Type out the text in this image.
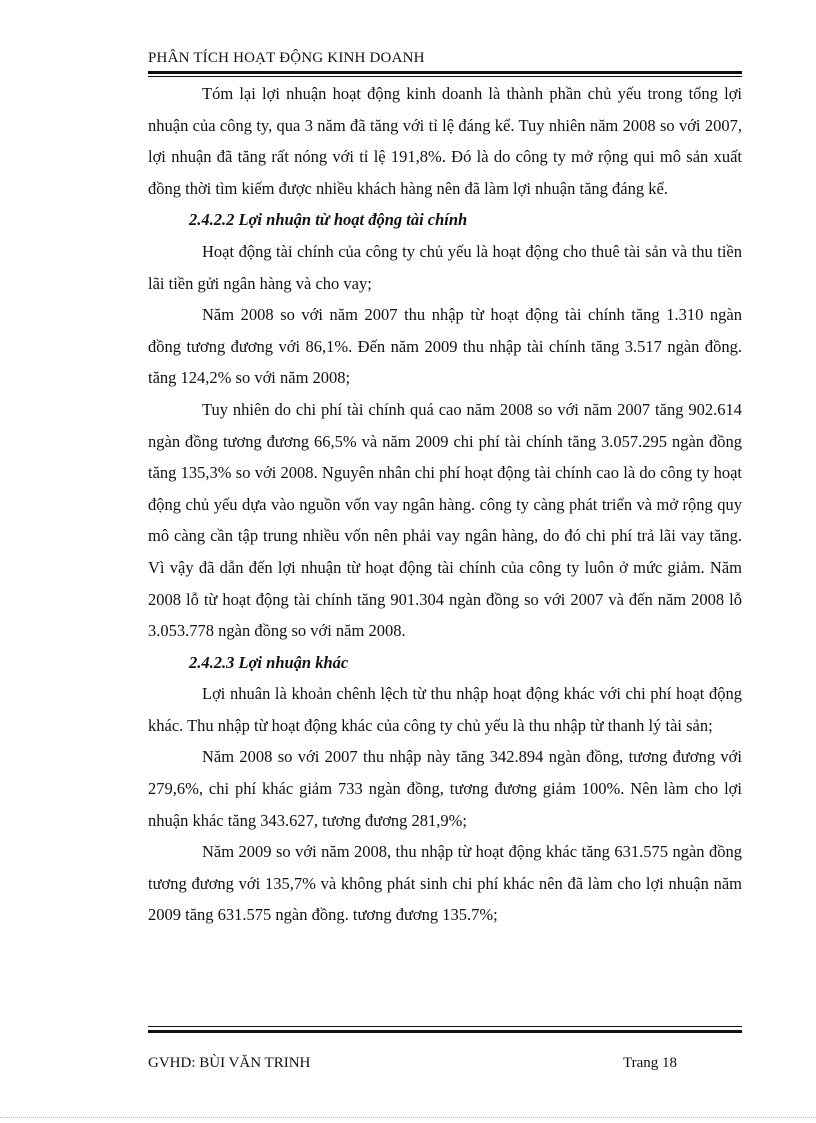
PHÂN TÍCH HOẠT ĐỘNG KINH DOANH

Tóm lại lợi nhuận hoạt động kinh doanh là thành phần chủ yếu trong tổng lợi nhuận của công ty, qua 3 năm đã tăng với tỉ lệ đáng kể. Tuy nhiên năm 2008 so với 2007, lợi nhuận đã tăng rất nóng với tỉ lệ 191,8%. Đó là do công ty mở rộng qui mô sản xuất đồng thời tìm kiếm được nhiều khách hàng nên đã làm lợi nhuận tăng đáng kể.

2.4.2.2 Lợi nhuận từ hoạt động tài chính

Hoạt động tài chính của công ty chủ yếu là hoạt động cho thuê tài sản và thu tiền lãi tiền gửi ngân hàng và cho vay;

Năm 2008 so với năm 2007 thu nhập từ hoạt động tài chính tăng 1.310 ngàn đồng tương đương với 86,1%. Đến năm 2009 thu nhập tài chính tăng 3.517 ngàn đồng. tăng 124,2% so với năm 2008;

Tuy nhiên do chi phí tài chính quá cao năm 2008 so với năm 2007 tăng 902.614 ngàn đồng tương đương 66,5% và năm 2009 chi phí tài chính tăng 3.057.295 ngàn đồng tăng 135,3% so với 2008. Nguyên nhân chi phí hoạt động tài chính cao là do công ty hoạt động chủ yếu dựa vào nguồn vốn vay ngân hàng. công ty càng phát triển và mở rộng quy mô càng cần tập trung nhiều vốn nên phải vay ngân hàng, do đó chi phí trả lãi vay tăng. Vì vậy đã dẫn đến lợi nhuận từ hoạt động tài chính của công ty luôn ở mức giảm. Năm 2008 lỗ từ hoạt động tài chính tăng 901.304 ngàn đồng so với 2007 và đến năm 2008 lỗ 3.053.778 ngàn đồng so với năm 2008.

2.4.2.3 Lợi nhuận khác

Lợi nhuân là khoản chênh lệch từ thu nhập hoạt động khác với chi phí hoạt động khác. Thu nhập từ hoạt động khác của công ty chủ yếu là thu nhập từ thanh lý tài sản;

Năm 2008 so với 2007 thu nhập này tăng 342.894 ngàn đồng, tương đương với 279,6%, chi phí khác giảm 733 ngàn đồng, tương đương giảm 100%. Nên làm cho lợi nhuận khác tăng 343.627, tương đương 281,9%;

Năm 2009 so với năm 2008, thu nhập từ hoạt động khác tăng 631.575 ngàn đồng tương đương với 135,7% và không phát sinh chi phí khác nên đã làm cho lợi nhuận năm 2009 tăng 631.575 ngàn đồng. tương đương 135.7%;

GVHD: BÙI VĂN TRINH	Trang 18
